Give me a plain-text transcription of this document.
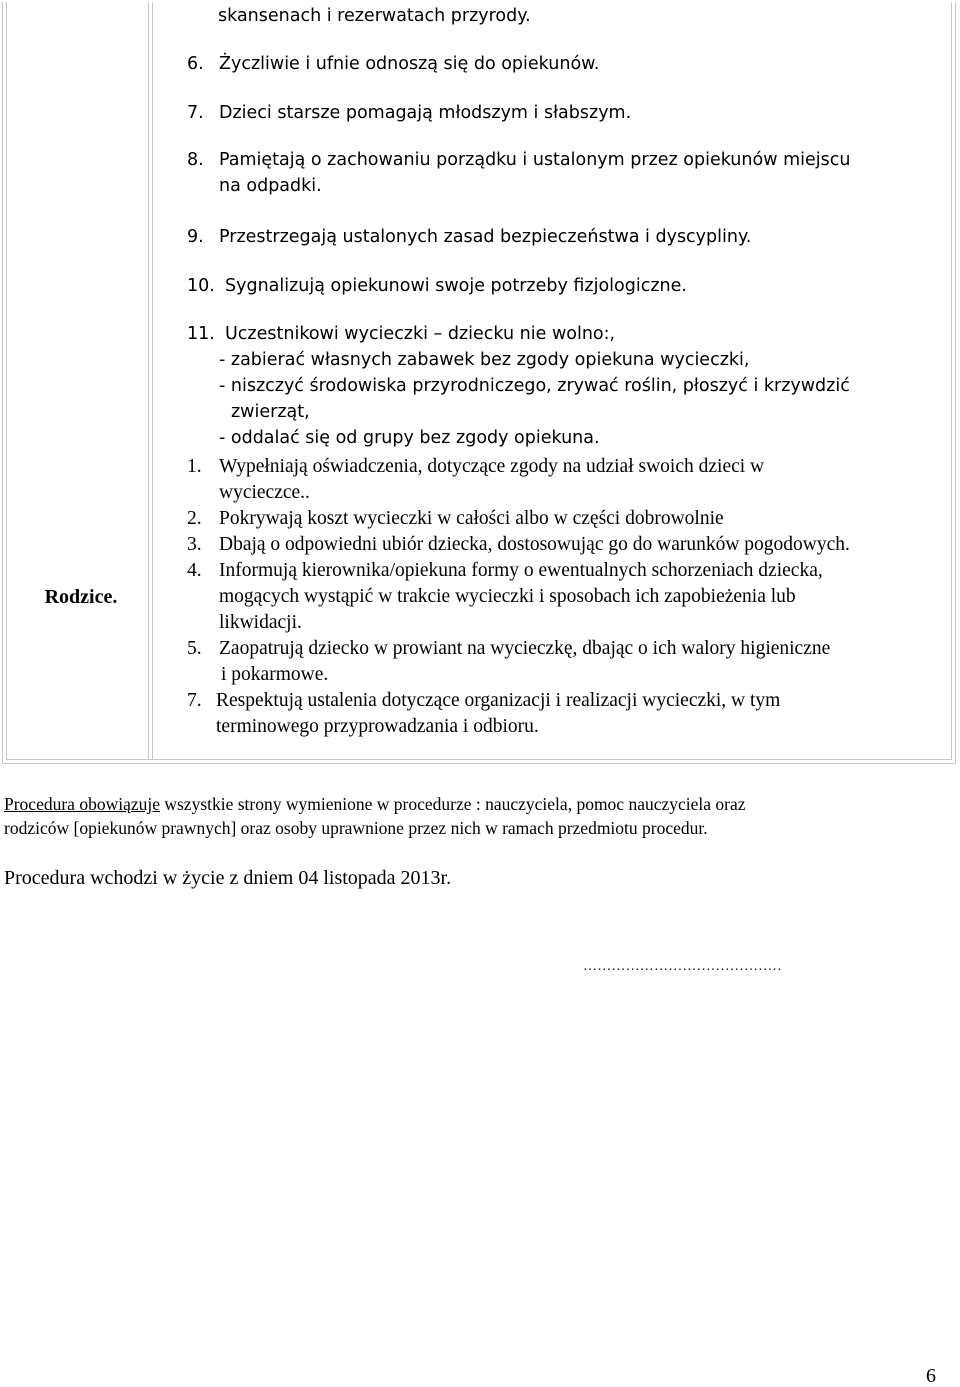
Rodzice.
skansenach i rezerwatach przyrody.
6. Życzliwie i ufnie odnoszą się do opiekunów.
7. Dzieci starsze pomagają młodszym i słabszym.
8. Pamiętają o zachowaniu porządku i ustalonym przez opiekunów miejscu
na odpadki.
9. Przestrzegają ustalonych zasad bezpieczeństwa i dyscypliny.
10. Sygnalizują opiekunowi swoje potrzeby fizjologiczne.
11. Uczestnikowi wycieczki – dziecku nie wolno:,
- zabierać własnych zabawek bez zgody opiekuna wycieczki,
- niszczyć środowiska przyrodniczego, zrywać roślin, płoszyć i krzywdzić
zwierząt,
- oddalać się od grupy bez zgody opiekuna.
1. Wypełniają oświadczenia, dotyczące zgody na udział swoich dzieci w
wycieczce..
2. Pokrywają koszt wycieczki w całości albo w części dobrowolnie
3. Dbają o odpowiedni ubiór dziecka, dostosowując go do warunków pogodowych.
4. Informują kierownika/opiekuna formy o ewentualnych schorzeniach dziecka,
mogących wystąpić w trakcie wycieczki i sposobach ich zapobieżenia lub
likwidacji.
5. Zaopatrują dziecko w prowiant na wycieczkę, dbając o ich walory higieniczne
i pokarmowe.
7. Respektują ustalenia dotyczące organizacji i realizacji wycieczki, w tym
terminowego przyprowadzania i odbioru.
Procedura obowiązuje wszystkie strony wymienione w procedurze : nauczyciela, pomoc nauczyciela oraz
rodziców [opiekunów prawnych] oraz osoby uprawnione przez nich w ramach przedmiotu procedur.
Procedura wchodzi w życie z dniem 04 listopada 2013r.
……………………………………
6
